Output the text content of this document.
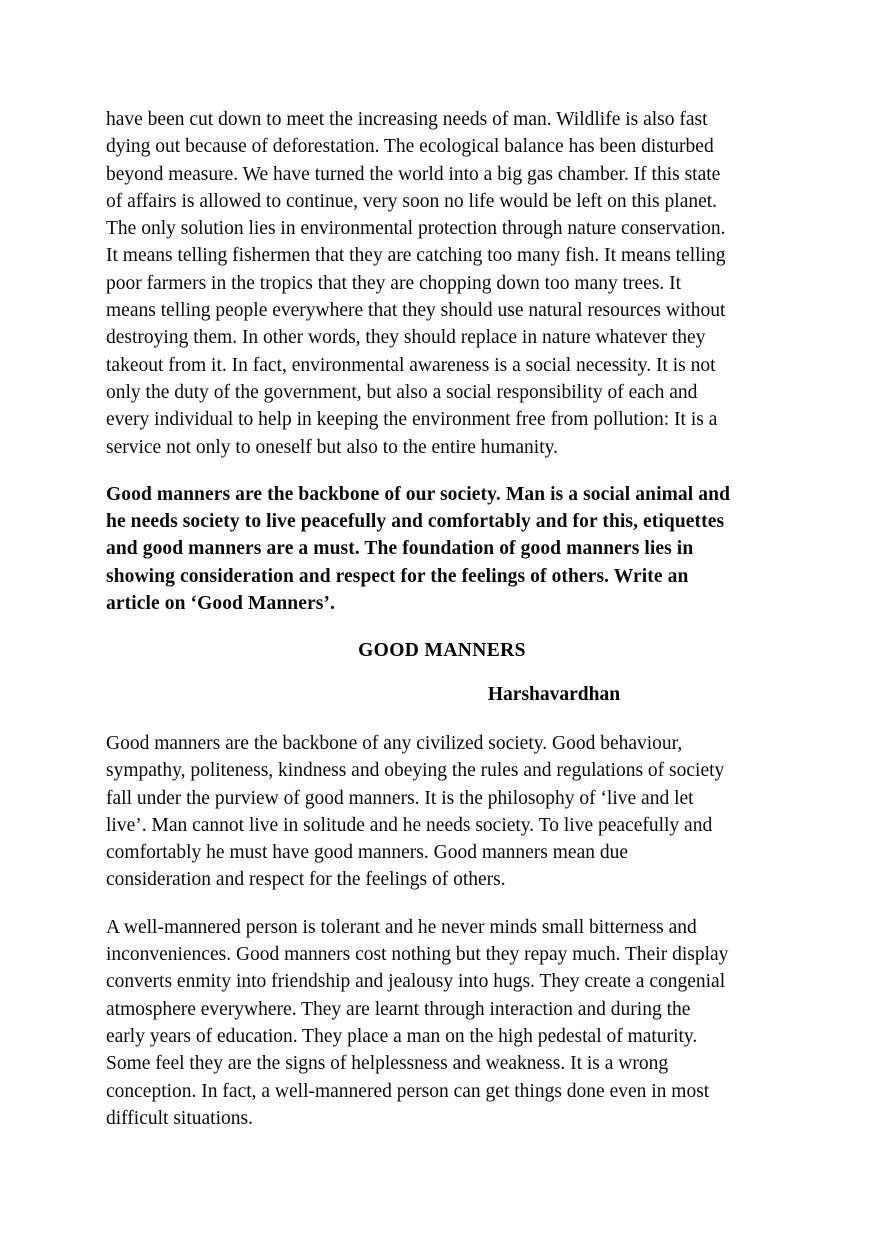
have been cut down to meet the increasing needs of man. Wildlife is also fast
dying out because of deforestation. The ecological balance has been disturbed
beyond measure. We have turned the world into a big gas chamber. If this state
of affairs is allowed to continue, very soon no life would be left on this planet.
The only solution lies in environmental protection through nature conservation.
It means telling fishermen that they are catching too many fish. It means telling
poor farmers in the tropics that they are chopping down too many trees. It
means telling people everywhere that they should use natural resources without
destroying them. In other words, they should replace in nature whatever they
takeout from it. In fact, environmental awareness is a social necessity. It is not
only the duty of the government, but also a social responsibility of each and
every individual to help in keeping the environment free from pollution: It is a
service not only to oneself but also to the entire humanity.

Good manners are the backbone of our society. Man is a social animal and
he needs society to live peacefully and comfortably and for this, etiquettes
and good manners are a must. The foundation of good manners lies in
showing consideration and respect for the feelings of others. Write an
article on ‘Good Manners’.

GOOD MANNERS
Harshavardhan

Good manners are the backbone of any civilized society. Good behaviour,
sympathy, politeness, kindness and obeying the rules and regulations of society
fall under the purview of good manners. It is the philosophy of ‘live and let
live’. Man cannot live in solitude and he needs society. To live peacefully and
comfortably he must have good manners. Good manners mean due
consideration and respect for the feelings of others.

A well-mannered person is tolerant and he never minds small bitterness and
inconveniences. Good manners cost nothing but they repay much. Their display
converts enmity into friendship and jealousy into hugs. They create a congenial
atmosphere everywhere. They are learnt through interaction and during the
early years of education. They place a man on the high pedestal of maturity.
Some feel they are the signs of helplessness and weakness. It is a wrong
conception. In fact, a well-mannered person can get things done even in most
difficult situations.
